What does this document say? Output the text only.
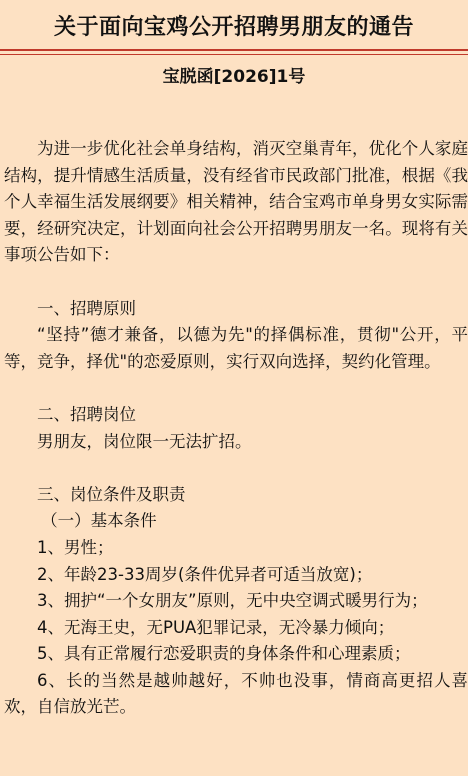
关于面向宝鸡公开招聘男朋友的通告
宝脱函[2026]1号

为进一步优化社会单身结构，消灭空巢青年，优化个人家庭结构，提升情感生活质量，没有经省市民政部门批准，根据《我个人幸福生活发展纲要》相关精神，结合宝鸡市单身男女实际需要，经研究决定，计划面向社会公开招聘男朋友一名。现将有关事项公告如下：

一、招聘原则

“坚持”德才兼备，以德为先"的择偶标准，贯彻"公开，平等，竞争，择优"的恋爱原则，实行双向选择，契约化管理。

二、招聘岗位

男朋友，岗位限一无法扩招。

三、岗位条件及职责

（一）基本条件

1、男性；

2、年龄23-33周岁(条件优异者可适当放宽)；

3、拥护“一个女朋友”原则，无中央空调式暖男行为；

4、无海王史，无PUA犯罪记录，无冷暴力倾向；

5、具有正常履行恋爱职责的身体条件和心理素质；

6、长的当然是越帅越好，不帅也没事，情商高更招人喜欢，自信放光芒。
